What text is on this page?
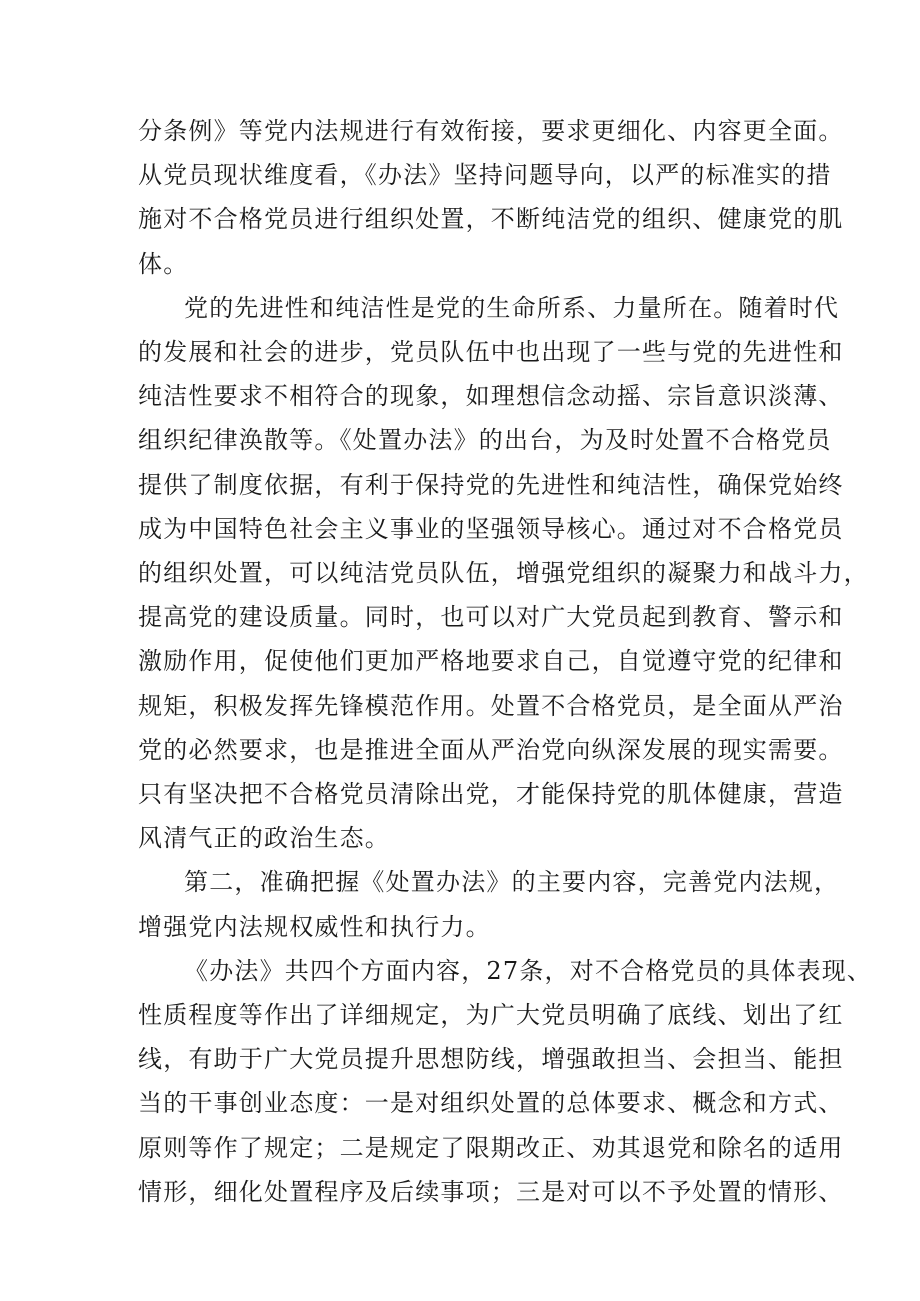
分条例》等党内法规进行有效衔接，要求更细化、内容更全面。

从党员现状维度看，《办法》坚持问题导向，以严的标准实的措
施对不合格党员进行组织处置，不断纯洁党的组织、健康党的肌
体。

党的先进性和纯洁性是党的生命所系、力量所在。随着时代
的发展和社会的进步，党员队伍中也出现了一些与党的先进性和
纯洁性要求不相符合的现象，如理想信念动摇、宗旨意识淡薄、
组织纪律涣散等。《处置办法》的出台，为及时处置不合格党员
提供了制度依据，有利于保持党的先进性和纯洁性，确保党始终
成为中国特色社会主义事业的坚强领导核心。通过对不合格党员
的组织处置，可以纯洁党员队伍，增强党组织的凝聚力和战斗力，
提高党的建设质量。同时，也可以对广大党员起到教育、警示和
激励作用，促使他们更加严格地要求自己，自觉遵守党的纪律和
规矩，积极发挥先锋模范作用。处置不合格党员，是全面从严治
党的必然要求，也是推进全面从严治党向纵深发展的现实需要。
只有坚决把不合格党员清除出党，才能保持党的肌体健康，营造
风清气正的政治生态。

第二，准确把握《处置办法》的主要内容，完善党内法规，
增强党内法规权威性和执行力。

《办法》共四个方面内容，27条，对不合格党员的具体表现、
性质程度等作出了详细规定，为广大党员明确了底线、划出了红
线，有助于广大党员提升思想防线，增强敢担当、会担当、能担
当的干事创业态度：一是对组织处置的总体要求、概念和方式、
原则等作了规定；二是规定了限期改正、劝其退党和除名的适用
情形，细化处置程序及后续事项；三是对可以不予处置的情形、
